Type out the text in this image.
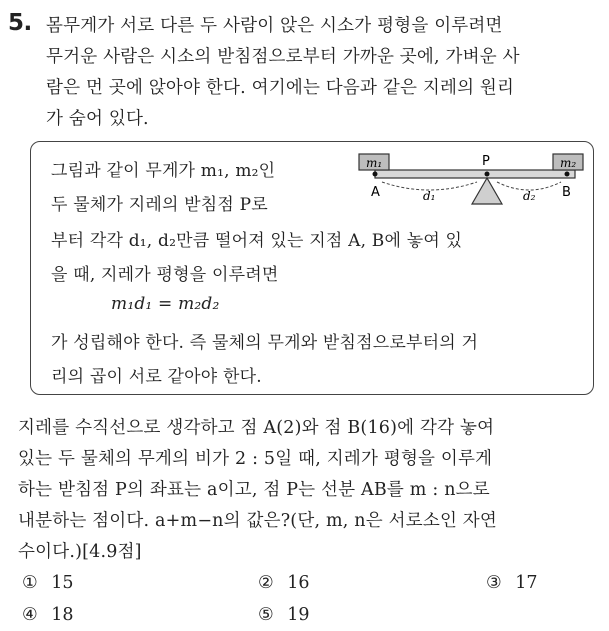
5. 몸무게가 서로 다른 두 사람이 앉은 시소가 평형을 이루려면
무거운 사람은 시소의 받침점으로부터 가까운 곳에, 가벼운 사
람은 먼 곳에 앉아야 한다. 여기에는 다음과 같은 지레의 원리
가 숨어 있다.
그림과 같이 무게가 m₁, m₂인
두 물체가 지레의 받침점 P로
부터 각각 d₁, d₂만큼 떨어져 있는 지점 A, B에 놓여 있
을 때, 지레가 평형을 이루려면
m₁d₁ = m₂d₂
가 성립해야 한다. 즉 물체의 무게와 받침점으로부터의 거
리의 곱이 서로 같아야 한다.
m₁	m₂
P
A	B
d₁	d₂
지레를 수직선으로 생각하고 점 A(2)와 점 B(16)에 각각 놓여
있는 두 물체의 무게의 비가 2 : 5일 때, 지레가 평형을 이루게
하는 받침점 P의 좌표는 a이고, 점 P는 선분 AB를 m : n으로
내분하는 점이다. a+m−n의 값은?(단, m, n은 서로소인 자연
수이다.)[4.9점]
① 15	② 16	③ 17
④ 18	⑤ 19
